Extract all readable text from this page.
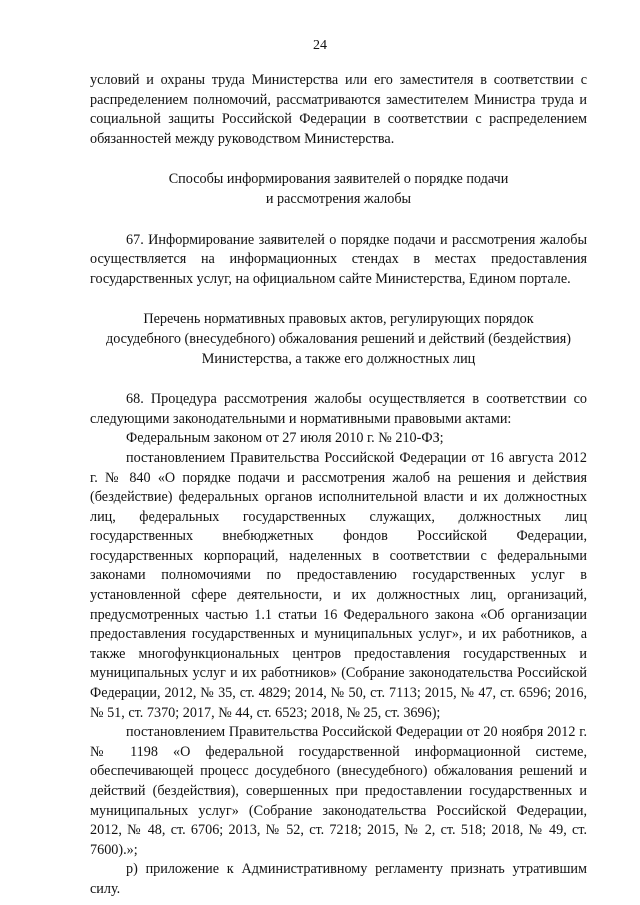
24

условий и охраны труда Министерства или его заместителя в соответствии с распределением полномочий, рассматриваются заместителем Министра труда и социальной защиты Российской Федерации в соответствии с распределением обязанностей между руководством Министерства.

Способы информирования заявителей о порядке подачи
и рассмотрения жалобы

67. Информирование заявителей о порядке подачи и рассмотрения жалобы осуществляется на информационных стендах в местах предоставления государственных услуг, на официальном сайте Министерства, Едином портале.

Перечень нормативных правовых актов, регулирующих порядок
досудебного (внесудебного) обжалования решений и действий (бездействия)
Министерства, а также его должностных лиц

68. Процедура рассмотрения жалобы осуществляется в соответствии со следующими законодательными и нормативными правовыми актами:

Федеральным законом от 27 июля 2010 г. № 210-ФЗ;

постановлением Правительства Российской Федерации от 16 августа 2012 г. № 840 «О порядке подачи и рассмотрения жалоб на решения и действия (бездействие) федеральных органов исполнительной власти и их должностных лиц, федеральных государственных служащих, должностных лиц государственных внебюджетных фондов Российской Федерации, государственных корпораций, наделенных в соответствии с федеральными законами полномочиями по предоставлению государственных услуг в установленной сфере деятельности, и их должностных лиц, организаций, предусмотренных частью 1.1 статьи 16 Федерального закона «Об организации предоставления государственных и муниципальных услуг», и их работников, а также многофункциональных центров предоставления государственных и муниципальных услуг и их работников» (Собрание законодательства Российской Федерации, 2012, № 35, ст. 4829; 2014, № 50, ст. 7113; 2015, № 47, ст. 6596; 2016, № 51, ст. 7370; 2017, № 44, ст. 6523; 2018, № 25, ст. 3696);

постановлением Правительства Российской Федерации от 20 ноября 2012 г. № 1198 «О федеральной государственной информационной системе, обеспечивающей процесс досудебного (внесудебного) обжалования решений и действий (бездействия), совершенных при предоставлении государственных и муниципальных услуг» (Собрание законодательства Российской Федерации, 2012, № 48, ст. 6706; 2013, № 52, ст. 7218; 2015, № 2, ст. 518; 2018, № 49, ст. 7600).»;

р) приложение к Административному регламенту признать утратившим силу.
